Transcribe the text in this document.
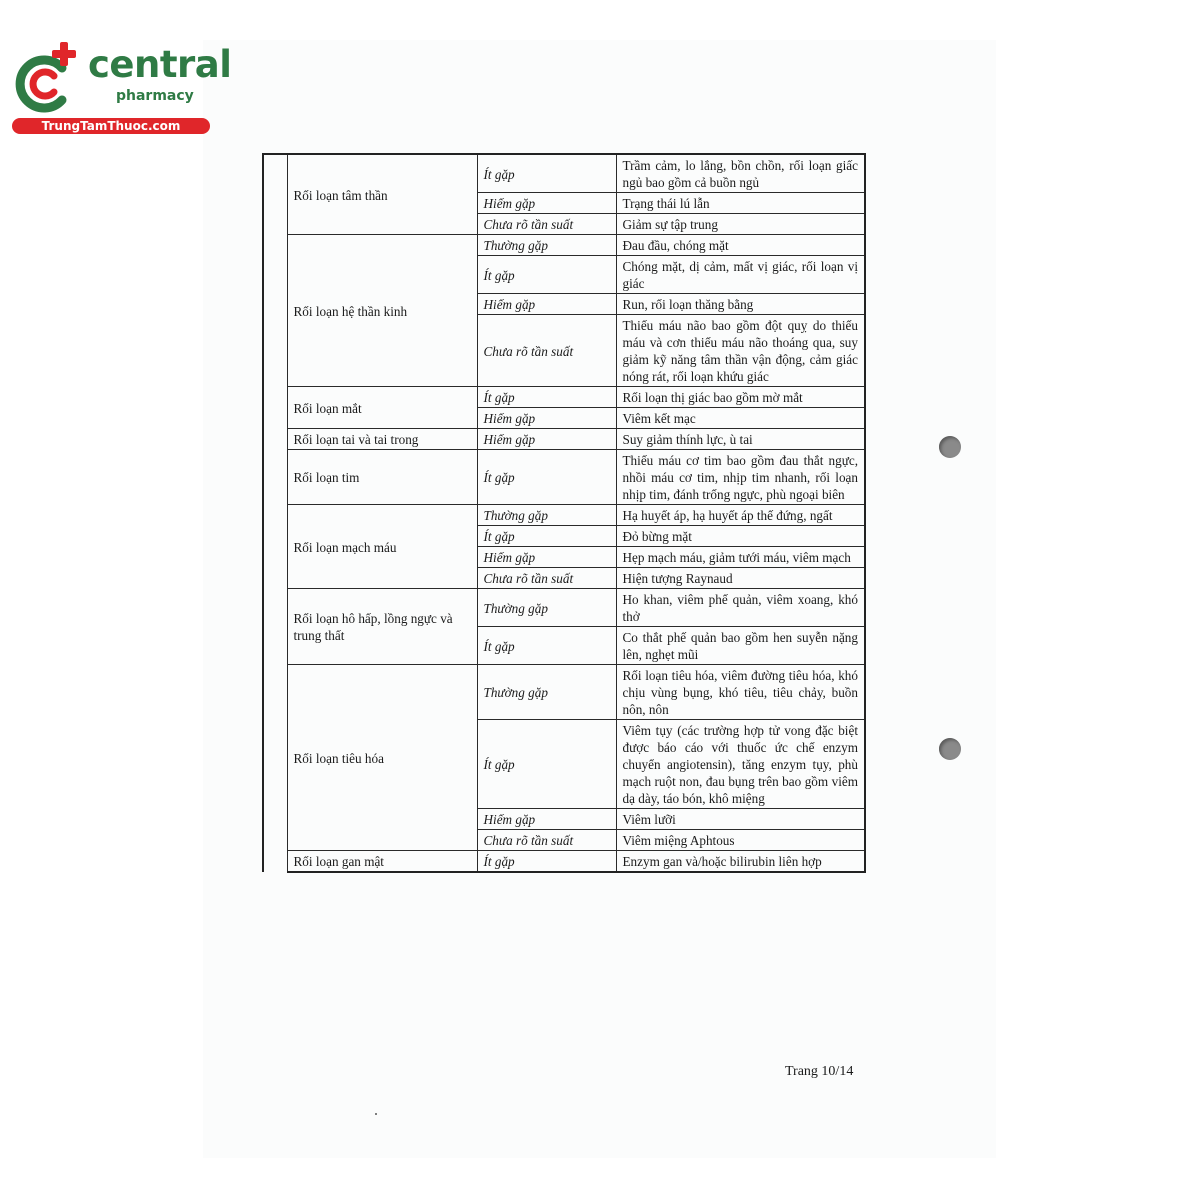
central
pharmacy
TrungTamThuoc.com
	Rối loạn tâm thần	Ít gặp	Trầm cảm, lo lắng, bồn chồn, rối loạn giấc ngủ bao gồm cả buồn ngủ
		Hiếm gặp	Trạng thái lú lẫn
		Chưa rõ tần suất	Giảm sự tập trung
	Rối loạn hệ thần kinh	Thường gặp	Đau đầu, chóng mặt
		Ít gặp	Chóng mặt, dị cảm, mất vị giác, rối loạn vị giác
		Hiếm gặp	Run, rối loạn thăng bằng
		Chưa rõ tần suất	Thiếu máu não bao gồm đột quỵ do thiếu máu và cơn thiếu máu não thoáng qua, suy giảm kỹ năng tâm thần vận động, cảm giác nóng rát, rối loạn khứu giác
	Rối loạn mắt	Ít gặp	Rối loạn thị giác bao gồm mờ mắt
		Hiếm gặp	Viêm kết mạc
	Rối loạn tai và tai trong	Hiếm gặp	Suy giảm thính lực, ù tai
	Rối loạn tim	Ít gặp	Thiếu máu cơ tim bao gồm đau thắt ngực, nhồi máu cơ tim, nhịp tim nhanh, rối loạn nhịp tim, đánh trống ngực, phù ngoại biên
	Rối loạn mạch máu	Thường gặp	Hạ huyết áp, hạ huyết áp thế đứng, ngất
		Ít gặp	Đỏ bừng mặt
		Hiếm gặp	Hẹp mạch máu, giảm tưới máu, viêm mạch
		Chưa rõ tần suất	Hiện tượng Raynaud
	Rối loạn hô hấp, lồng ngực và trung thất	Thường gặp	Ho khan, viêm phế quản, viêm xoang, khó thở
		Ít gặp	Co thắt phế quản bao gồm hen suyễn nặng lên, nghẹt mũi
	Rối loạn tiêu hóa	Thường gặp	Rối loạn tiêu hóa, viêm đường tiêu hóa, khó chịu vùng bụng, khó tiêu, tiêu chảy, buồn nôn, nôn
		Ít gặp	Viêm tụy (các trường hợp tử vong đặc biệt được báo cáo với thuốc ức chế enzym chuyển angiotensin), tăng enzym tụy, phù mạch ruột non, đau bụng trên bao gồm viêm dạ dày, táo bón, khô miệng
		Hiếm gặp	Viêm lưỡi
		Chưa rõ tần suất	Viêm miệng Aphtous
	Rối loạn gan mật	Ít gặp	Enzym gan và/hoặc bilirubin liên hợp
Trang 10/14
